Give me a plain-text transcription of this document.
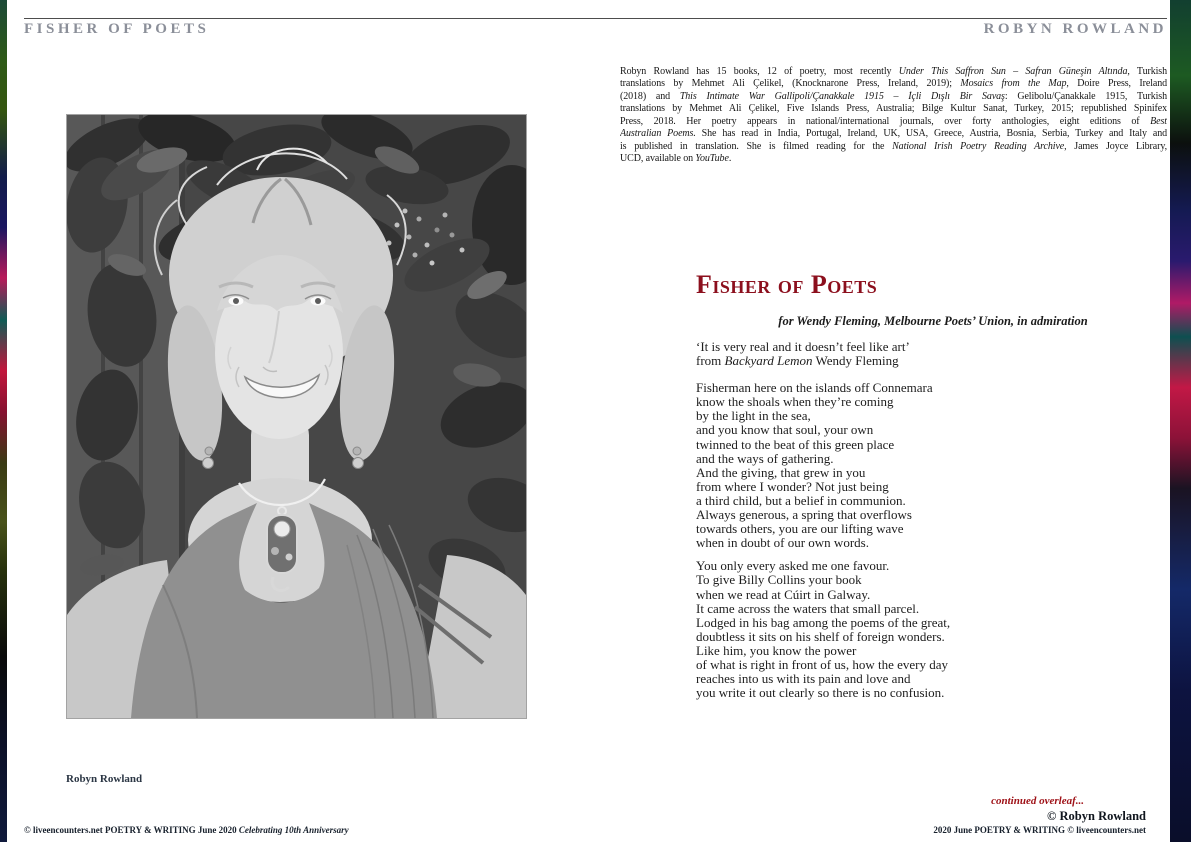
FISHER OF POETS	ROBYN ROWLAND
Robyn Rowland
Robyn Rowland has 15 books, 12 of poetry, most recently Under This Saffron Sun – Safran Güneşin Altında, Turkish
translations by Mehmet Ali Çelikel, (Knocknarone Press, Ireland, 2019); Mosaics from the Map, Doire Press, Ireland
(2018) and This Intimate War Gallipoli/Çanakkale 1915 – İçli Dışlı Bir Savaş: Gelibolu/Çanakkale 1915, Turkish
translations by Mehmet Ali Çelikel, Five Islands Press, Australia; Bilge Kultur Sanat, Turkey, 2015; republished Spinifex
Press, 2018. Her poetry appears in national/international journals, over forty anthologies, eight editions of Best
Australian Poems. She has read in India, Portugal, Ireland, UK, USA, Greece, Austria, Bosnia, Serbia, Turkey and Italy and
is published in translation. She is filmed reading for the National Irish Poetry Reading Archive, James Joyce Library,
UCD, available on YouTube.
Fisher of Poets
for Wendy Fleming, Melbourne Poets’ Union, in admiration
‘It is very real and it doesn’t feel like art’
from Backyard Lemon Wendy Fleming
Fisherman here on the islands off Connemara
know the shoals when they’re coming
by the light in the sea,
and you know that soul, your own
twinned to the beat of this green place
and the ways of gathering.
And the giving, that grew in you
from where I wonder? Not just being
a third child, but a belief in communion.
Always generous, a spring that overflows
towards others, you are our lifting wave
when in doubt of our own words.
You only every asked me one favour.
To give Billy Collins your book
when we read at Cúirt in Galway.
It came across the waters that small parcel.
Lodged in his bag among the poems of the great,
doubtless it sits on his shelf of foreign wonders.
Like him, you know the power
of what is right in front of us, how the every day
reaches into us with its pain and love and
you write it out clearly so there is no confusion.
continued overleaf...
© Robyn Rowland
© liveencounters.net POETRY & WRITING June 2020 Celebrating 10th Anniversary	2020 June POETRY & WRITING © liveencounters.net
